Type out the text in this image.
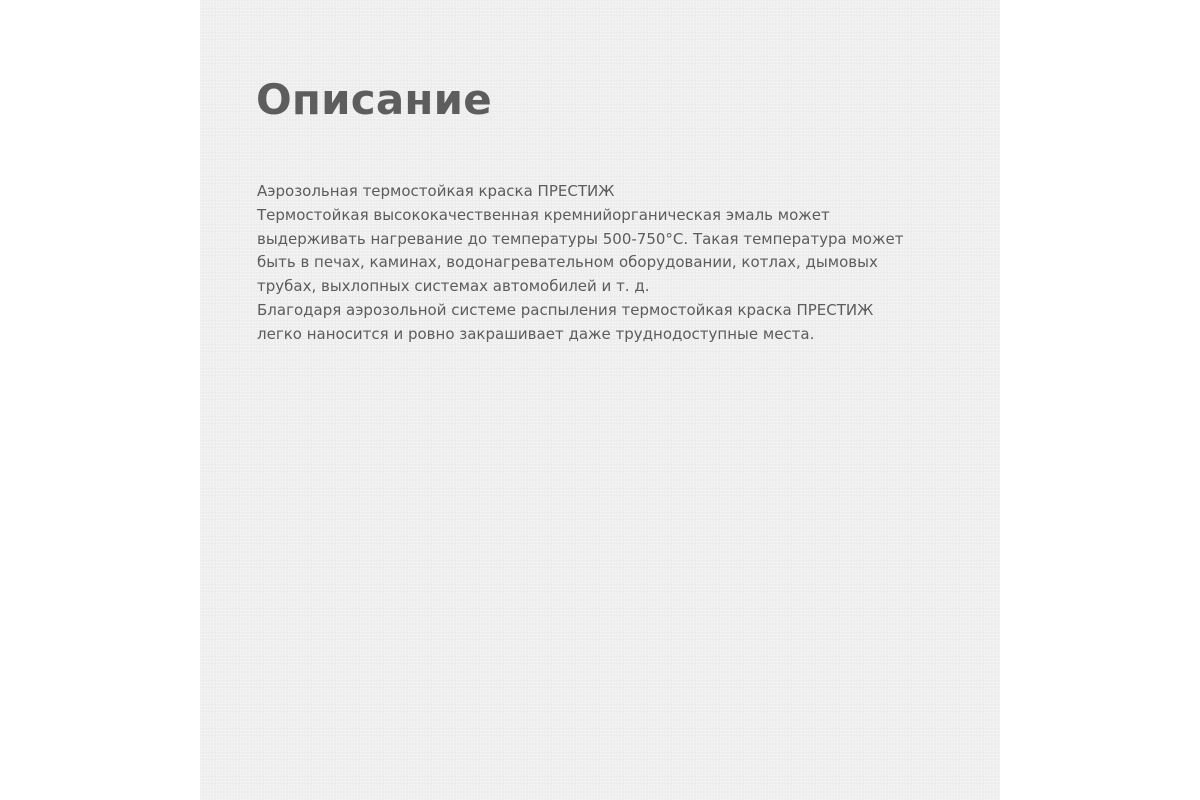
Описание
Аэрозольная термостойкая краска ПРЕСТИЖ
Термостойкая высококачественная кремнийорганическая эмаль может
выдерживать нагревание до температуры 500-750°С. Такая температура может
быть в печах, каминах, водонагревательном оборудовании, котлах, дымовых
трубах, выхлопных системах автомобилей и т. д.
Благодаря аэрозольной системе распыления термостойкая краска ПРЕСТИЖ
легко наносится и ровно закрашивает даже труднодоступные места.
